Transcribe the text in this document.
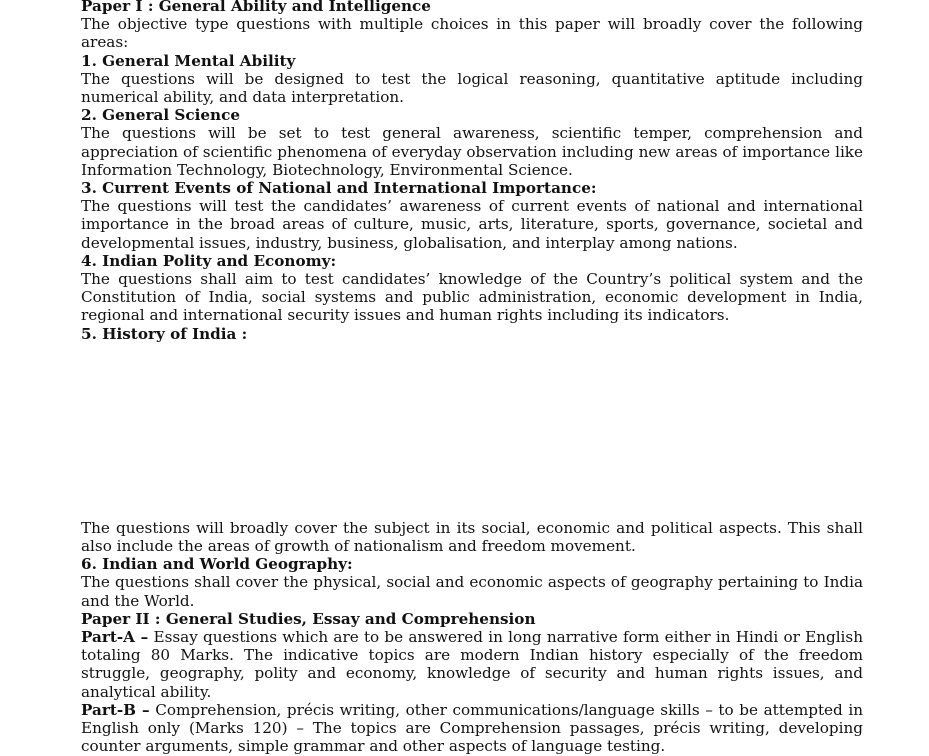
Paper I : General Ability and Intelligence
The objective type questions with multiple choices in this paper will broadly cover the following areas:
1. General Mental Ability
The questions will be designed to test the logical reasoning, quantitative aptitude including numerical ability, and data interpretation.
2. General Science
The questions will be set to test general awareness, scientific temper, comprehension and appreciation of scientific phenomena of everyday observation including new areas of importance like Information Technology, Biotechnology, Environmental Science.
3. Current Events of National and International Importance:
The questions will test the candidates’ awareness of current events of national and international importance in the broad areas of culture, music, arts, literature, sports, governance, societal and developmental issues, industry, business, globalisation, and interplay among nations.
4. Indian Polity and Economy:
The questions shall aim to test candidates’ knowledge of the Country’s political system and the Constitution of India, social systems and public administration, economic development in India, regional and international security issues and human rights including its indicators.
5. History of India :
The questions will broadly cover the subject in its social, economic and political aspects. This shall also include the areas of growth of nationalism and freedom movement.
6. Indian and World Geography:
The questions shall cover the physical, social and economic aspects of geography pertaining to India and the World.
Paper II : General Studies, Essay and Comprehension
Part-A – Essay questions which are to be answered in long narrative form either in Hindi or English totaling 80 Marks. The indicative topics are modern Indian history especially of the freedom struggle, geography, polity and economy, knowledge of security and human rights issues, and analytical ability.
Part-B – Comprehension, précis writing, other communications/language skills – to be attempted in English only (Marks 120) – The topics are Comprehension passages, précis writing, developing counter arguments, simple grammar and other aspects of language testing.
